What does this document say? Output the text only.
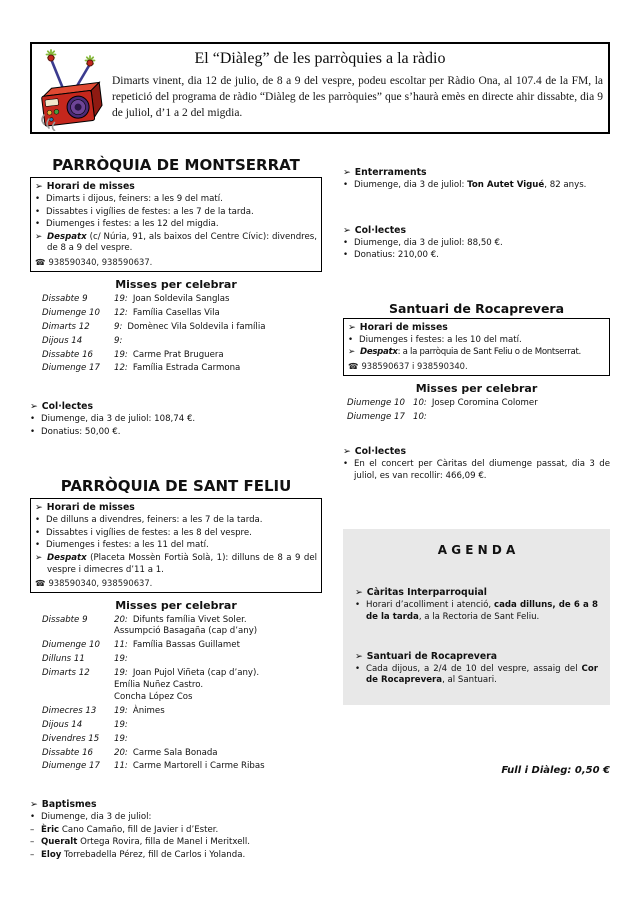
El “Diàleg” de les parròquies a la ràdio

Dimarts vinent, dia 12 de julio, de 8 a 9 del vespre, podeu escoltar per Ràdio Ona, al 107.4 de la FM, la repetició del programa de ràdio “Diàleg de les parròquies” que s’haurà emès en directe ahir dissabte, dia 9 de juliol, d’1 a 2 del migdia.

PARRÒQUIA DE MONTSERRAT
➢ Horari de misses
• Dimarts i dijous, feiners: a les 9 del matí.
• Dissabtes i vigílies de festes: a les 7 de la tarda.
• Diumenges i festes: a les 12 del migdia.
➢ Despatx (c/ Núria, 91, als baixos del Centre Cívic): divendres, de 8 a 9 del vespre.
☎ 938590340, 938590637.
Misses per celebrar
Dissabte 9	19: Joan Soldevila Sanglas
Diumenge 10	12: Família Casellas Vila
Dimarts 12	9: Domènec Vila Soldevila i família
Dijous 14	9:
Dissabte 16	19: Carme Prat Bruguera
Diumenge 17	12: Família Estrada Carmona
➢ Col·lectes
• Diumenge, dia 3 de juliol: 108,74 €.
• Donatius: 50,00 €.
PARRÒQUIA DE SANT FELIU
➢ Horari de misses
• De dilluns a divendres, feiners: a les 7 de la tarda.
• Dissabtes i vigílies de festes: a les 8 del vespre.
• Diumenges i festes: a les 11 del matí.
➢ Despatx (Placeta Mossèn Fortià Solà, 1): dilluns de 8 a 9 del vespre i dimecres d’11 a 1.
☎ 938590340, 938590637.
Misses per celebrar
Dissabte 9	20: Difunts família Vivet Soler.
Assumpció Basagaña (cap d’any)
Diumenge 10	11: Família Bassas Guillamet
Dilluns 11	19:
Dimarts 12	19: Joan Pujol Viñeta (cap d’any).
Emília Nuñez Castro.
Concha López Cos
Dimecres 13	19: Ànimes
Dijous 14	19:
Divendres 15	19:
Dissabte 16	20: Carme Sala Bonada
Diumenge 17	11: Carme Martorell i Carme Ribas
➢ Baptismes
• Diumenge, dia 3 de juliol:
– Èric Cano Camaño, fill de Javier i d’Ester.
– Queralt Ortega Rovira, filla de Manel i Meritxell.
– Eloy Torrebadella Pérez, fill de Carlos i Yolanda.
➢ Enterraments
• Diumenge, dia 3 de juliol: Ton Autet Vigué, 82 anys.
➢ Col·lectes
• Diumenge, dia 3 de juliol: 88,50 €.
• Donatius: 210,00 €.
Santuari de Rocaprevera
➢ Horari de misses
• Diumenges i festes: a les 10 del matí.
➢ Despatx: a la parròquia de Sant Feliu o de Montserrat.
☎ 938590637 i 938590340.
Misses per celebrar
Diumenge 10 10: Josep Coromina Colomer
Diumenge 17 10:
➢ Col·lectes
• En el concert per Càritas del diumenge passat, dia 3 de juliol, es van recollir: 466,09 €.
A G E N D A
➢ Càritas Interparroquial
• Horari d’acolliment i atenció, cada dilluns, de 6 a 8 de la tarda, a la Rectoria de Sant Feliu.
➢ Santuari de Rocaprevera
• Cada dijous, a 2/4 de 10 del vespre, assaig del Cor de Rocaprevera, al Santuari.
Full i Diàleg: 0,50 €
